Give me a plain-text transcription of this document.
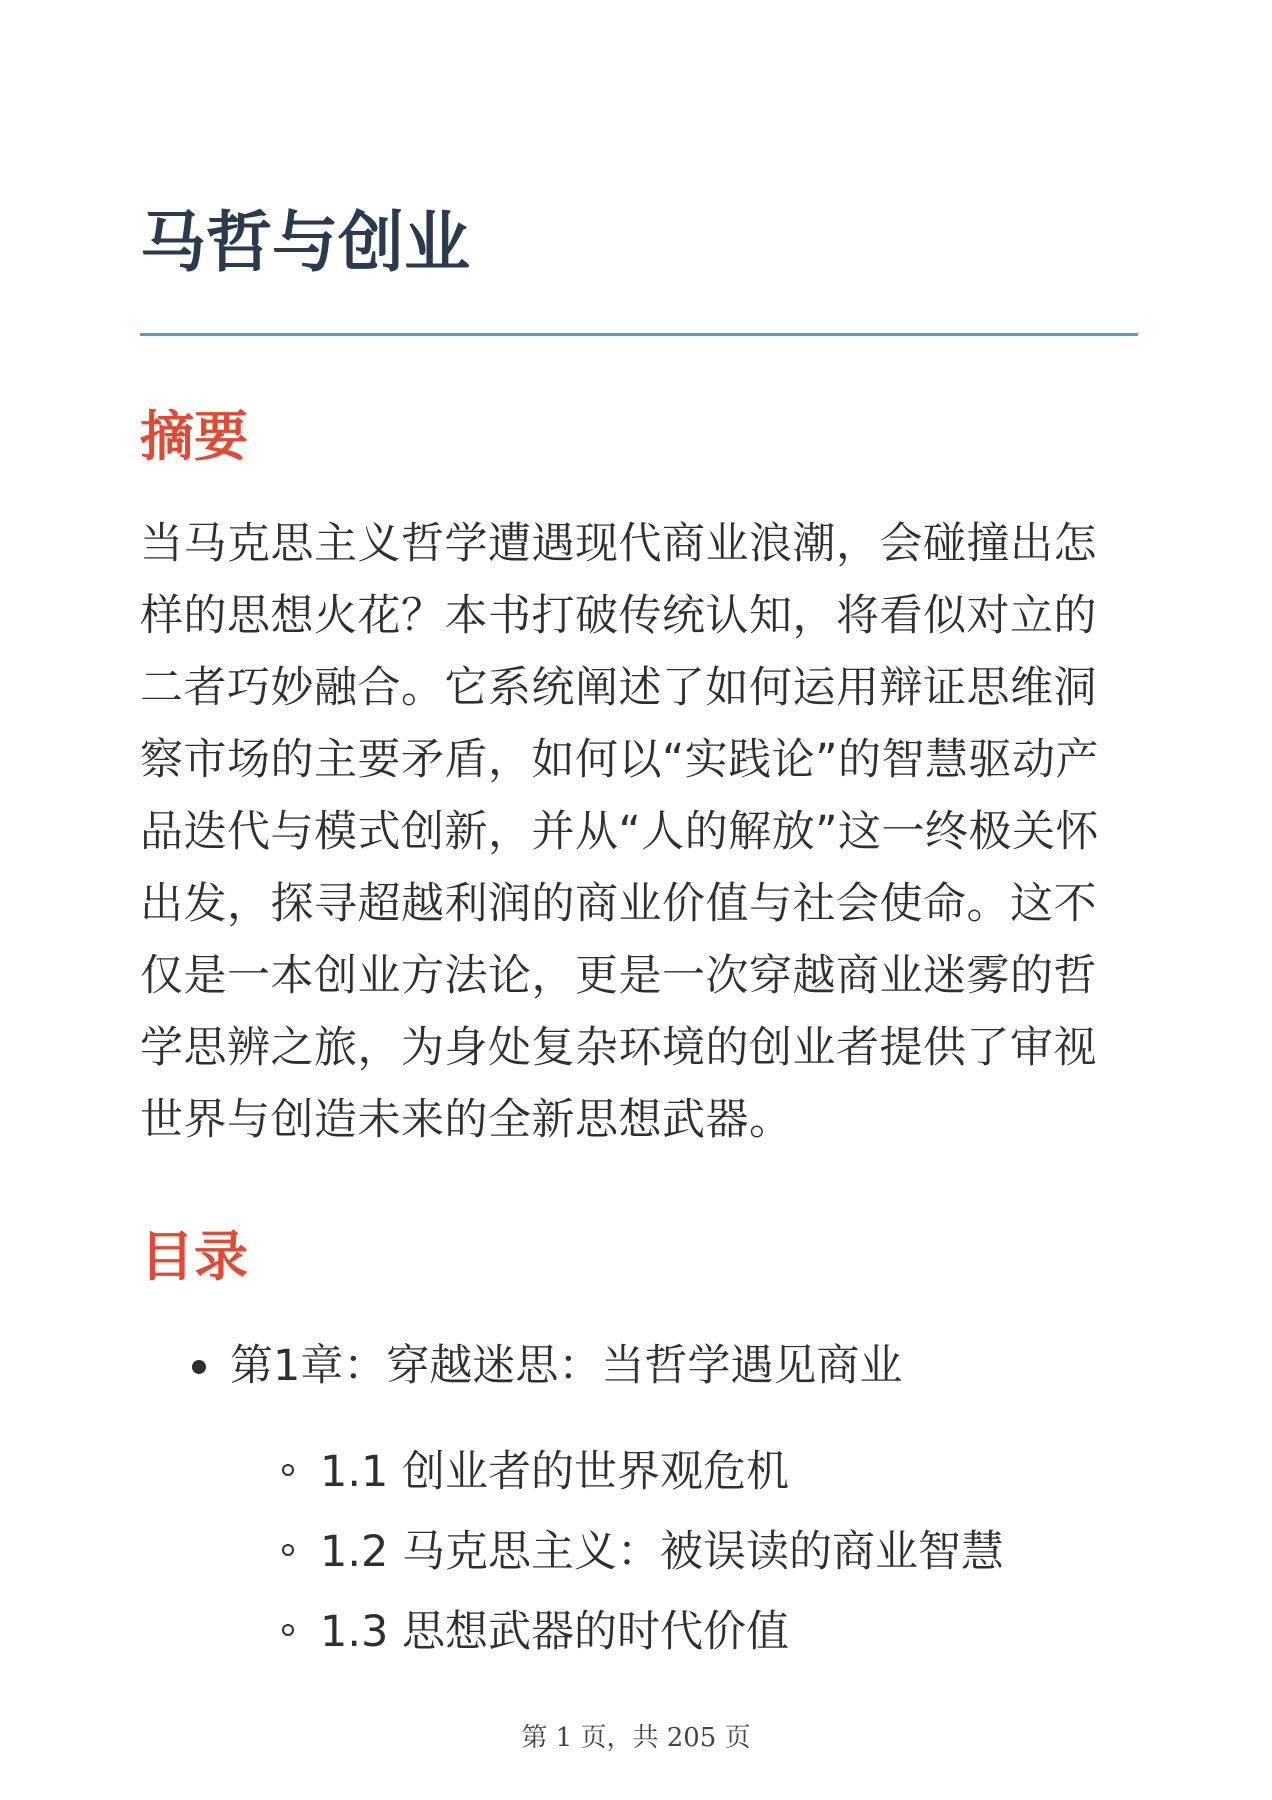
马哲与创业
摘要

当马克思主义哲学遭遇现代商业浪潮，会碰撞出怎样的思想火花？本书打破传统认知，将看似对立的二者巧妙融合。它系统阐述了如何运用辩证思维洞察市场的主要矛盾，如何以“实践论”的智慧驱动产品迭代与模式创新，并从“人的解放”这一终极关怀出发，探寻超越利润的商业价值与社会使命。这不仅是一本创业方法论，更是一次穿越商业迷雾的哲学思辨之旅，为身处复杂环境的创业者提供了审视世界与创造未来的全新思想武器。

目录
第1章：穿越迷思：当哲学遇见商业
1.1 创业者的世界观危机
1.2 马克思主义：被误读的商业智慧
1.3 思想武器的时代价值
第 1 页，共 205 页
